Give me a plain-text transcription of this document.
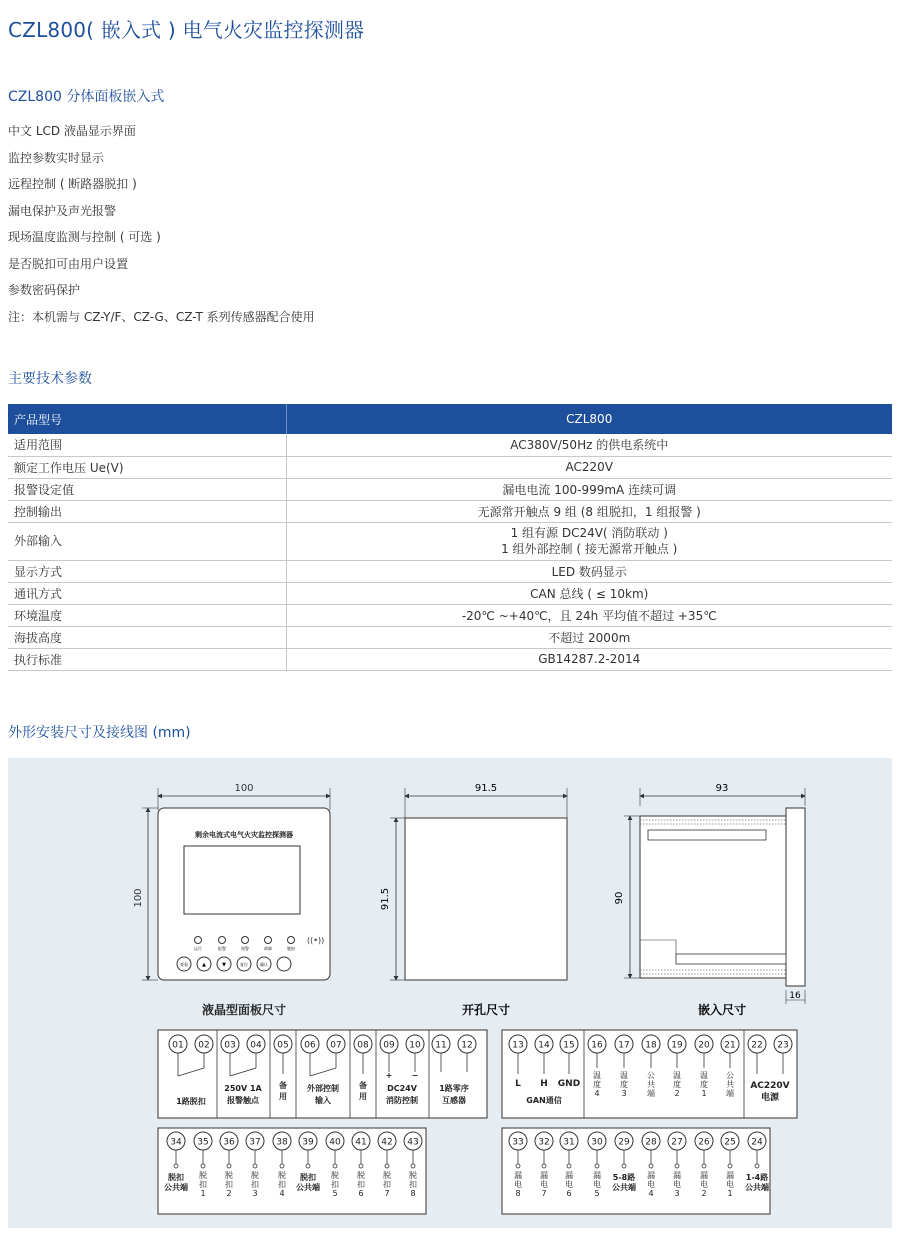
CZL800( 嵌入式 ) 电气火灾监控探测器
CZL800 分体面板嵌入式
中文 LCD 液晶显示界面
监控参数实时显示
远程控制 ( 断路器脱扣 )
漏电保护及声光报警
现场温度监测与控制 ( 可选 )
是否脱扣可由用户设置
参数密码保护
注：本机需与 CZ-Y/F、CZ-G、CZ-T 系列传感器配合使用
主要技术参数
产品型号	CZL800
适用范围	AC380V/50Hz 的供电系统中
额定工作电压 Ue(V)	AC220V
报警设定值	漏电电流 100-999mA 连续可调
控制输出	无源常开触点 9 组 (8 组脱扣，1 组报警 )
外部输入	1 组有源 DC24V( 消防联动 )
1 组外部控制 ( 接无源常开触点 )

显示方式	LED 数码显示
通讯方式	CAN 总线 ( ≤ 10km)
环境温度	-20℃ ~+40℃，且 24h 平均值不超过 +35℃
海拔高度	不超过 2000m
执行标准	GB14287.2-2014
外形安装尺寸及接线图 (mm)
100
100
剩余电流式电气火灾监控探测器
运行	报警	预警	故障	脱扣
((•))
查看	▲	▼	复位	确认
液晶型面板尺寸
91.5
91.5
开孔尺寸
93
90
16
嵌入尺寸
01 02 03 04 05 06 07 08 09 10 11 12
1路脱扣
250V 1A
报警触点
备
用
外部控制
输入
备
用
+ −
DC24V
消防控制
1路零序
互感器
13 14 15 16 17 18 19 20 21 22 23
L H GND
GAN通信
温
度
4
温
度
3
公
共
端
温
度
2
温
度
1
公
共
端
AC220V
电源
34
脱扣
公共端
35
脱
扣
1
36
脱
扣
2
37
脱
扣
3
38
脱
扣
4
39
脱扣
公共端
40
脱
扣
5
41
脱
扣
6
42
脱
扣
7
43
脱
扣
8
33
漏
电
8
32
漏
电
7
31
漏
电
6
30
漏
电
5
29
5-8路
公共端
28
漏
电
4
27
漏
电
3
26
漏
电
2
25
漏
电
1
24
1-4路
公共端
